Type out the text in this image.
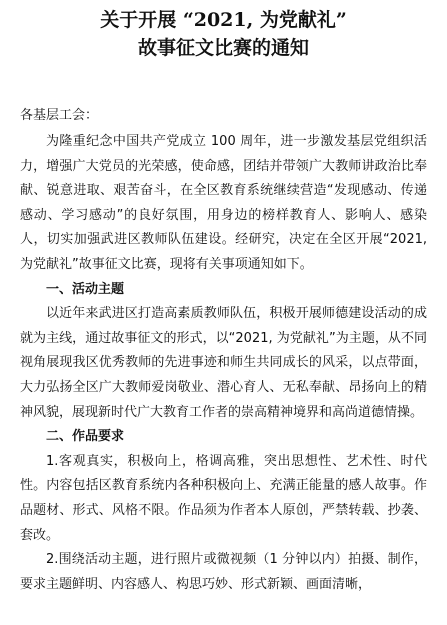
关于开展 “2021, 为党献礼”
故事征文比赛的通知
各基层工会：

为隆重纪念中国共产党成立 100 周年，进一步激发基层党组织活力，增强广大党员的光荣感，使命感，团结并带领广大教师讲政治比奉献、锐意进取、艰苦奋斗，在全区教育系统继续营造“发现感动、传递感动、学习感动”的良好氛围，用身边的榜样教育人、影响人、感染人，切实加强武进区教师队伍建设。经研究，决定在全区开展“2021, 为党献礼”故事征文比赛，现将有关事项通知如下。

一、活动主题

以近年来武进区打造高素质教师队伍，积极开展师德建设活动的成就为主线，通过故事征文的形式，以“2021, 为党献礼”为主题，从不同视角展现我区优秀教师的先进事迹和师生共同成长的风采，以点带面，大力弘扬全区广大教师爱岗敬业、潜心育人、无私奉献、昂扬向上的精神风貌，展现新时代广大教育工作者的崇高精神境界和高尚道德情操。

二、作品要求

1.客观真实，积极向上，格调高雅，突出思想性、艺术性、时代性。内容包括区教育系统内各种积极向上、充满正能量的感人故事。作品题材、形式、风格不限。作品须为作者本人原创，严禁转载、抄袭、套改。

2.围绕活动主题，进行照片或微视频（1 分钟以内）拍摄、制作，要求主题鲜明、内容感人、构思巧妙、形式新颖、画面清晰，
